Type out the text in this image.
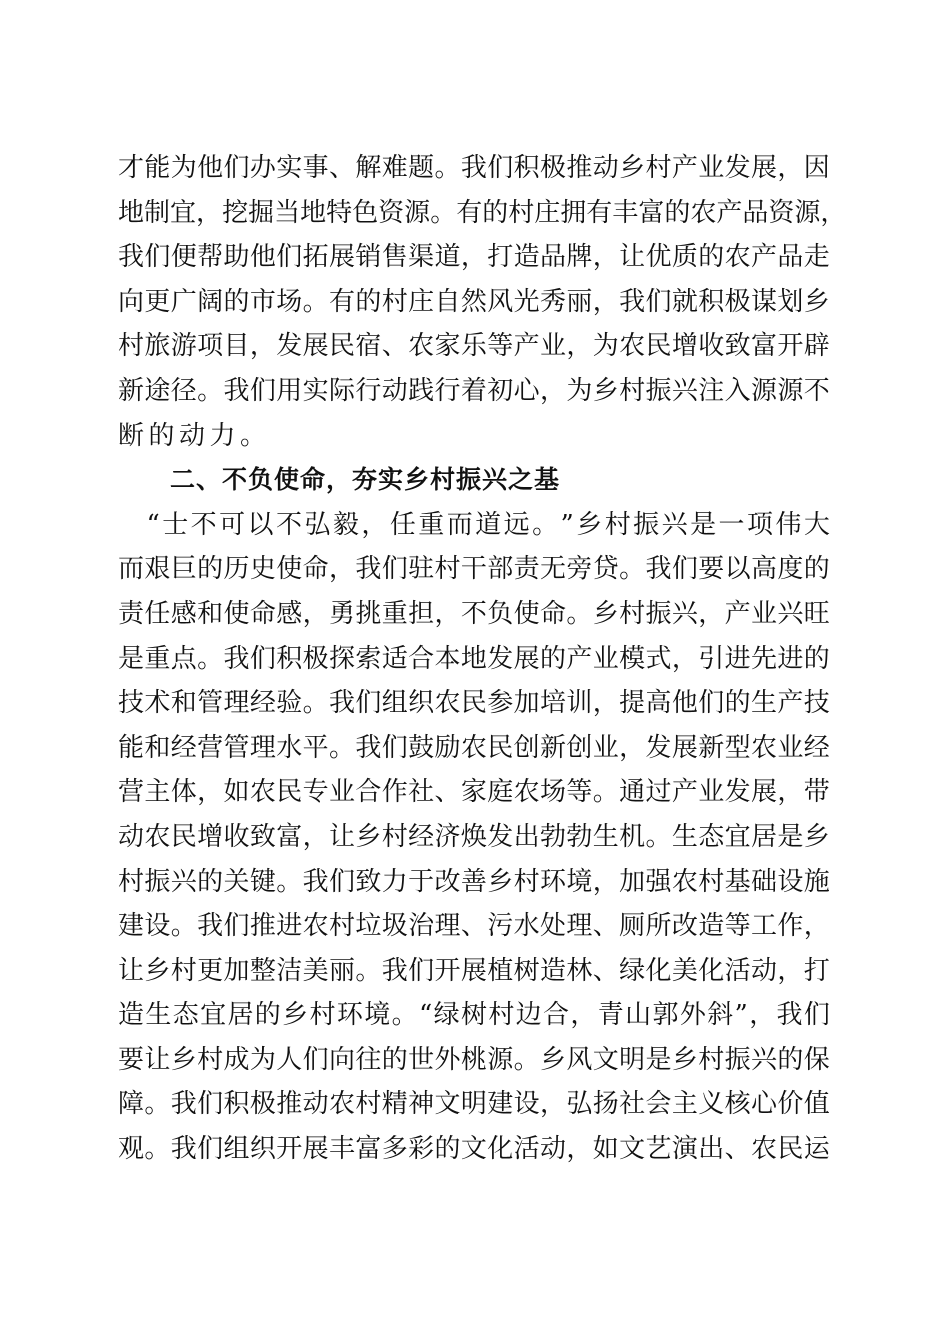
才 能 为 他 们 办 实 事 、 解 难 题 。 我 们 积 极 推 动 乡 村 产 业 发 展 ， 因
地 制 宜 ， 挖 掘 当 地 特 色 资 源 。 有 的 村 庄 拥 有 丰 富 的 农 产 品 资 源 ，
我 们 便 帮 助 他 们 拓 展 销 售 渠 道 ， 打 造 品 牌 ， 让 优 质 的 农 产 品 走
向 更 广 阔 的 市 场 。 有 的 村 庄 自 然 风 光 秀 丽 ， 我 们 就 积 极 谋 划 乡
村 旅 游 项 目 ， 发 展 民 宿 、 农 家 乐 等 产 业 ， 为 农 民 增 收 致 富 开 辟
新 途 径 。 我 们 用 实 际 行 动 践 行 着 初 心 ， 为 乡 村 振 兴 注 入 源 源 不
断的动力。
二、不负使命，夯实乡村振兴之基

“ 士 不 可 以 不 弘 毅 ， 任 重 而 道 远 。 ” 乡 村 振 兴 是 一 项 伟 大
而 艰 巨 的 历 史 使 命 ， 我 们 驻 村 干 部 责 无 旁 贷 。 我 们 要 以 高 度 的
责 任 感 和 使 命 感 ， 勇 挑 重 担 ， 不 负 使 命 。 乡 村 振 兴 ， 产 业 兴 旺
是 重 点 。 我 们 积 极 探 索 适 合 本 地 发 展 的 产 业 模 式 ， 引 进 先 进 的
技 术 和 管 理 经 验 。 我 们 组 织 农 民 参 加 培 训 ， 提 高 他 们 的 生 产 技
能 和 经 营 管 理 水 平 。 我 们 鼓 励 农 民 创 新 创 业 ， 发 展 新 型 农 业 经
营 主 体 ， 如 农 民 专 业 合 作 社 、 家 庭 农 场 等 。 通 过 产 业 发 展 ， 带
动 农 民 增 收 致 富 ， 让 乡 村 经 济 焕 发 出 勃 勃 生 机 。 生 态 宜 居 是 乡
村 振 兴 的 关 键 。 我 们 致 力 于 改 善 乡 村 环 境 ， 加 强 农 村 基 础 设 施
建 设 。 我 们 推 进 农 村 垃 圾 治 理 、 污 水 处 理 、 厕 所 改 造 等 工 作 ，
让 乡 村 更 加 整 洁 美 丽 。 我 们 开 展 植 树 造 林 、 绿 化 美 化 活 动 ， 打
造 生 态 宜 居 的 乡 村 环 境 。 “ 绿 树 村 边 合 ， 青 山 郭 外 斜 ” ， 我 们
要 让 乡 村 成 为 人 们 向 往 的 世 外 桃 源 。 乡 风 文 明 是 乡 村 振 兴 的 保
障 。 我 们 积 极 推 动 农 村 精 神 文 明 建 设 ， 弘 扬 社 会 主 义 核 心 价 值
观 。 我 们 组 织 开 展 丰 富 多 彩 的 文 化 活 动 ， 如 文 艺 演 出 、 农 民 运
